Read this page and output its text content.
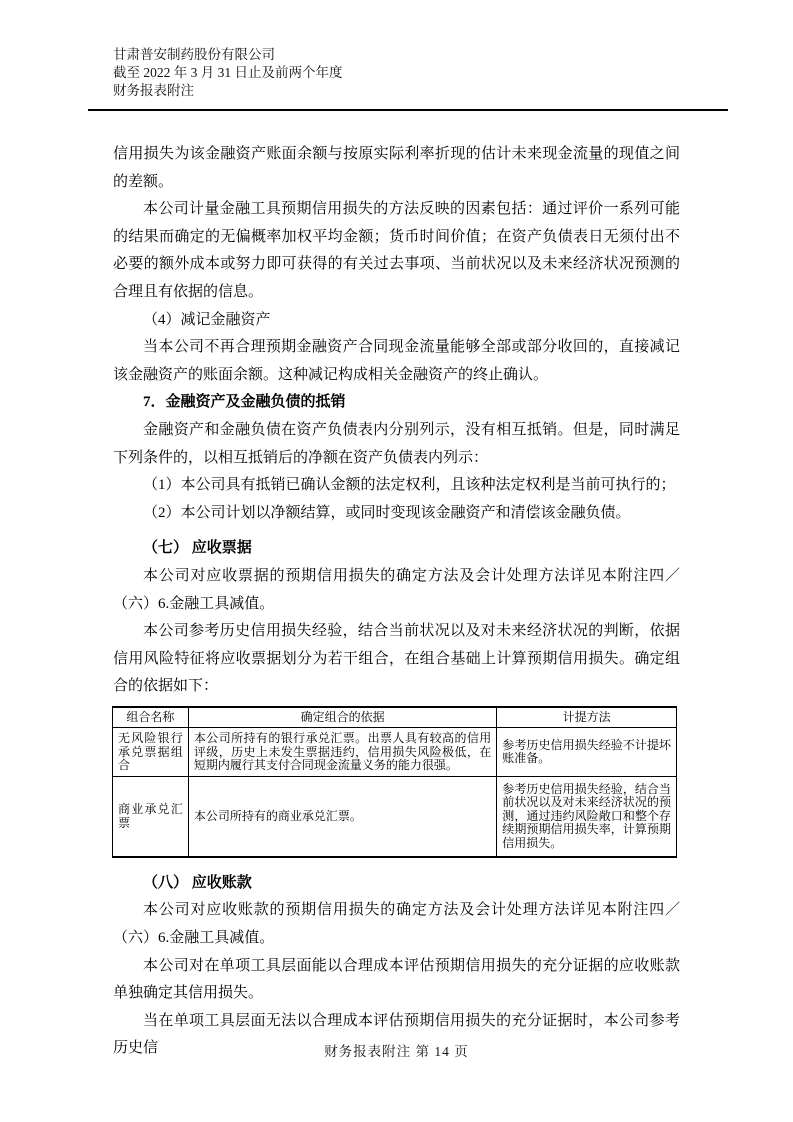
甘肃普安制药股份有限公司
截至 2022 年 3 月 31 日止及前两个年度
财务报表附注

信用损失为该金融资产账面余额与按原实际利率折现的估计未来现金流量的现值之间的差额。

本公司计量金融工具预期信用损失的方法反映的因素包括：通过评价一系列可能的结果而确定的无偏概率加权平均金额；货币时间价值；在资产负债表日无须付出不必要的额外成本或努力即可获得的有关过去事项、当前状况以及未来经济状况预测的合理且有依据的信息。

（4）减记金融资产

当本公司不再合理预期金融资产合同现金流量能够全部或部分收回的，直接减记该金融资产的账面余额。这种减记构成相关金融资产的终止确认。

7．金融资产及金融负债的抵销

金融资产和金融负债在资产负债表内分别列示，没有相互抵销。但是，同时满足下列条件的，以相互抵销后的净额在资产负债表内列示：

（1）本公司具有抵销已确认金额的法定权利，且该种法定权利是当前可执行的；

（2）本公司计划以净额结算，或同时变现该金融资产和清偿该金融负债。

（七） 应收票据

本公司对应收票据的预期信用损失的确定方法及会计处理方法详见本附注四／（六）6.金融工具减值。

本公司参考历史信用损失经验，结合当前状况以及对未来经济状况的判断，依据信用风险特征将应收票据划分为若干组合，在组合基础上计算预期信用损失。确定组合的依据如下：

组合名称	确定组合的依据	计提方法
无风险银行承兑票据组合	本公司所持有的银行承兑汇票。出票人具有较高的信用评级，历史上未发生票据违约，信用损失风险极低，在短期内履行其支付合同现金流量义务的能力很强。	参考历史信用损失经验不计提坏账准备。
商业承兑汇票	本公司所持有的商业承兑汇票。	参考历史信用损失经验，结合当前状况以及对未来经济状况的预测，通过违约风险敞口和整个存续期预期信用损失率，计算预期信用损失。

（八） 应收账款

本公司对应收账款的预期信用损失的确定方法及会计处理方法详见本附注四／（六）6.金融工具减值。

本公司对在单项工具层面能以合理成本评估预期信用损失的充分证据的应收账款单独确定其信用损失。

当在单项工具层面无法以合理成本评估预期信用损失的充分证据时，本公司参考历史信	财务报表附注 第 14 页
